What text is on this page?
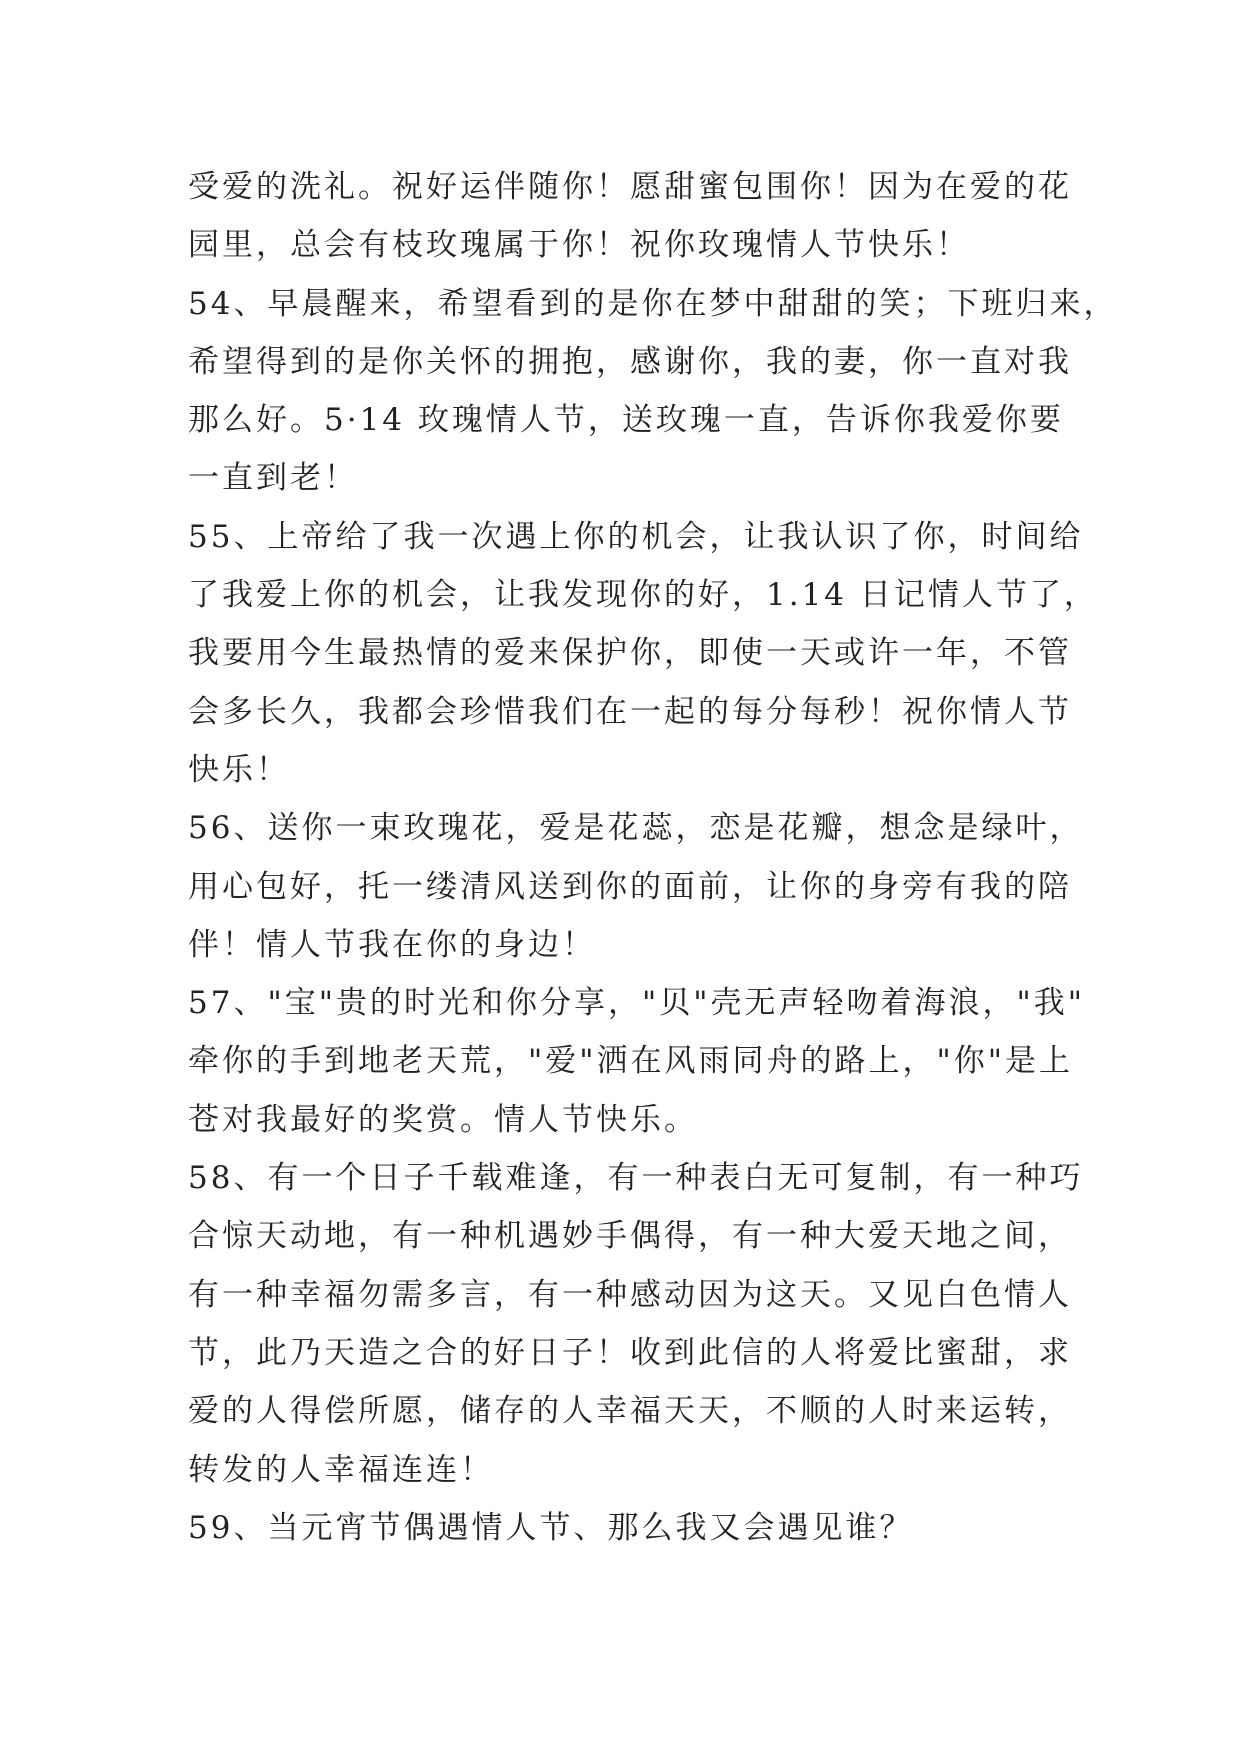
受爱的洗礼。祝好运伴随你！愿甜蜜包围你！因为在爱的花
园里，总会有枝玫瑰属于你！祝你玫瑰情人节快乐！
54、早晨醒来，希望看到的是你在梦中甜甜的笑；下班归来，
希望得到的是你关怀的拥抱，感谢你，我的妻，你一直对我
那么好。5·14 玫瑰情人节，送玫瑰一直，告诉你我爱你要
一直到老！
55、上帝给了我一次遇上你的机会，让我认识了你，时间给
了我爱上你的机会，让我发现你的好，1.14 日记情人节了，
我要用今生最热情的爱来保护你，即使一天或许一年，不管
会多长久，我都会珍惜我们在一起的每分每秒！祝你情人节
快乐！
56、送你一束玫瑰花，爱是花蕊，恋是花瓣，想念是绿叶，
用心包好，托一缕清风送到你的面前，让你的身旁有我的陪
伴！情人节我在你的身边！
57、"宝"贵的时光和你分享，"贝"壳无声轻吻着海浪，"我"
牵你的手到地老天荒，"爱"洒在风雨同舟的路上，"你"是上
苍对我最好的奖赏。情人节快乐。
58、有一个日子千载难逢，有一种表白无可复制，有一种巧
合惊天动地，有一种机遇妙手偶得，有一种大爱天地之间，
有一种幸福勿需多言，有一种感动因为这天。又见白色情人
节，此乃天造之合的好日子！收到此信的人将爱比蜜甜，求
爱的人得偿所愿，储存的人幸福天天，不顺的人时来运转，
转发的人幸福连连！
59、当元宵节偶遇情人节、那么我又会遇见谁？
